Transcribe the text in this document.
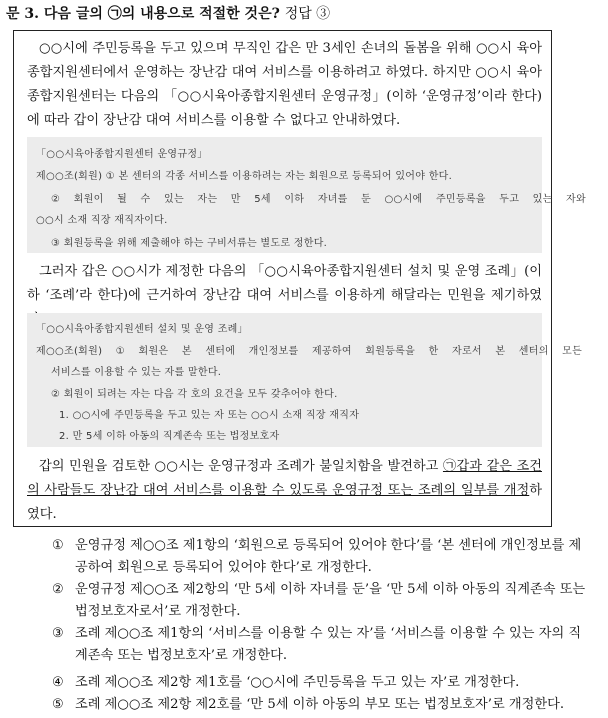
문 3. 다음 글의 ㉠의 내용으로 적절한 것은? 정답 ③
○○시에 주민등록을 두고 있으며 무직인 갑은 만 3세인 손녀의 돌봄을 위해 ○○시 육아종합지원센터에서 운영하는 장난감 대여 서비스를 이용하려고 하였다. 하지만 ○○시 육아종합지원센터는 다음의 「○○시육아종합지원센터 운영규정」(이하 ‘운영규정’이라 한다)에 따라 갑이 장난감 대여 서비스를 이용할 수 없다고 안내하였다.
「○○시육아종합지원센터 운영규정」
제○○조(회원) ① 본 센터의 각종 서비스를 이용하려는 자는 회원으로 등록되어 있어야 한다.
② 회원이 될 수 있는 자는 만 5세 이하 자녀를 둔 ○○시에 주민등록을 두고 있는 자와
○○시 소재 직장 재직자이다.
③ 회원등록을 위해 제출해야 하는 구비서류는 별도로 정한다.
그러자 갑은 ○○시가 제정한 다음의 「○○시육아종합지원센터 설치 및 운영 조례」(이하 ‘조례’라 한다)에 근거하여 장난감 대여 서비스를 이용하게 해달라는 민원을 제기하였
「○○시육아종합지원센터 설치 및 운영 조례」
제○○조(회원) ① 회원은 본 센터에 개인정보를 제공하여 회원등록을 한 자로서 본 센터의 모든
서비스를 이용할 수 있는 자를 말한다.
② 회원이 되려는 자는 다음 각 호의 요건을 모두 갖추어야 한다.
1. ○○시에 주민등록을 두고 있는 자 또는 ○○시 소재 직장 재직자
2. 만 5세 이하 아동의 직계존속 또는 법정보호자
갑의 민원을 검토한 ○○시는 운영규정과 조례가 불일치함을 발견하고 ㉠갑과 같은 조건의 사람들도 장난감 대여 서비스를 이용할 수 있도록 운영규정 또는 조례의 일부를 개정하였다.
① 운영규정 제○○조 제1항의 ‘회원으로 등록되어 있어야 한다’를 ‘본 센터에 개인정보를 제공하여 회원으로 등록되어 있어야 한다’로 개정한다.
② 운영규정 제○○조 제2항의 ‘만 5세 이하 자녀를 둔’을 ‘만 5세 이하 아동의 직계존속 또는 법정보호자로서’로 개정한다.
③ 조례 제○○조 제1항의 ‘서비스를 이용할 수 있는 자’를 ‘서비스를 이용할 수 있는 자의 직계존속 또는 법정보호자’로 개정한다.
④ 조례 제○○조 제2항 제1호를 ‘○○시에 주민등록을 두고 있는 자’로 개정한다.
⑤ 조례 제○○조 제2항 제2호를 ‘만 5세 이하 아동의 부모 또는 법정보호자’로 개정한다.
